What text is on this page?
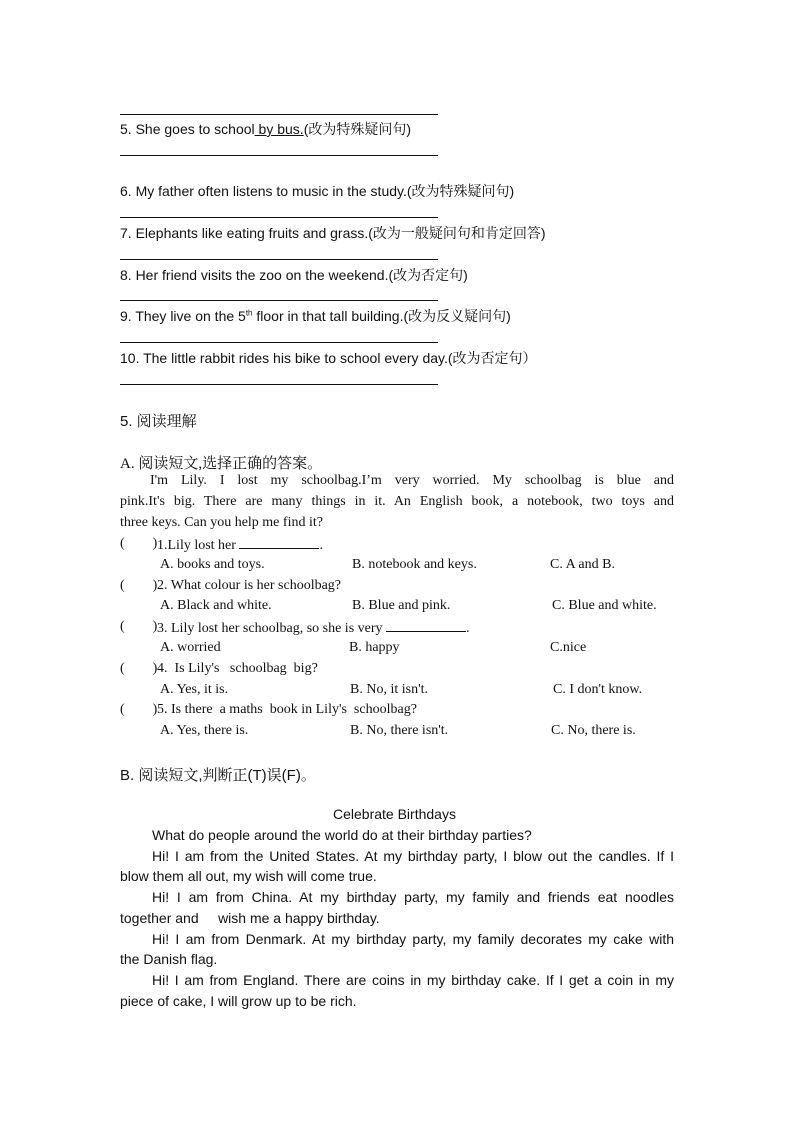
5. She goes to school by bus.(改为特殊疑问句)
6. My father often listens to music in the study.(改为特殊疑问句)
7. Elephants like eating fruits and grass.(改为一般疑问句和肯定回答)
8. Her friend visits the zoo on the weekend.(改为否定句)
9. They live on the 5th floor in that tall building.(改为反义疑问句)
10. The little rabbit rides his bike to school every day.(改为否定句）
5. 阅读理解
A. 阅读短文,选择正确的答案。
I'm Lily. I lost my schoolbag.I’m very worried. My schoolbag is blue and
pink.It's big. There are many things in it. An English book, a notebook, two toys and
three keys. Can you help me find it?
(        ) 1.Lily lost her	.
A. books and toys.	B. notebook and keys.	C. A and B.
(        ) 2. What colour is her schoolbag?
A. Black and white.	B. Blue and pink.	C. Blue and white.
(        ) 3. Lily lost her schoolbag, so she is very	.
A. worried	B. happy	C.nice
(        ) 4.  Is Lily's   schoolbag  big?
A. Yes, it is.	B. No, it isn't.	C. I don't know.
(        ) 5. Is there  a maths  book in Lily's  schoolbag?
A. Yes, there is.	B. No, there isn't.	C. No, there is.
B. 阅读短文,判断正(T)误(F)。
Celebrate Birthdays
What do people around the world do at their birthday parties?
Hi! I am from the United States. At my birthday party, I blow out the candles. If I
blow them all out, my wish will come true.
Hi! I am from China. At my birthday party, my family and friends eat noodles
together and     wish me a happy birthday.
Hi! I am from Denmark. At my birthday party, my family decorates my cake with
the Danish flag.
Hi! I am from England. There are coins in my birthday cake. If I get a coin in my
piece of cake, I will grow up to be rich.
